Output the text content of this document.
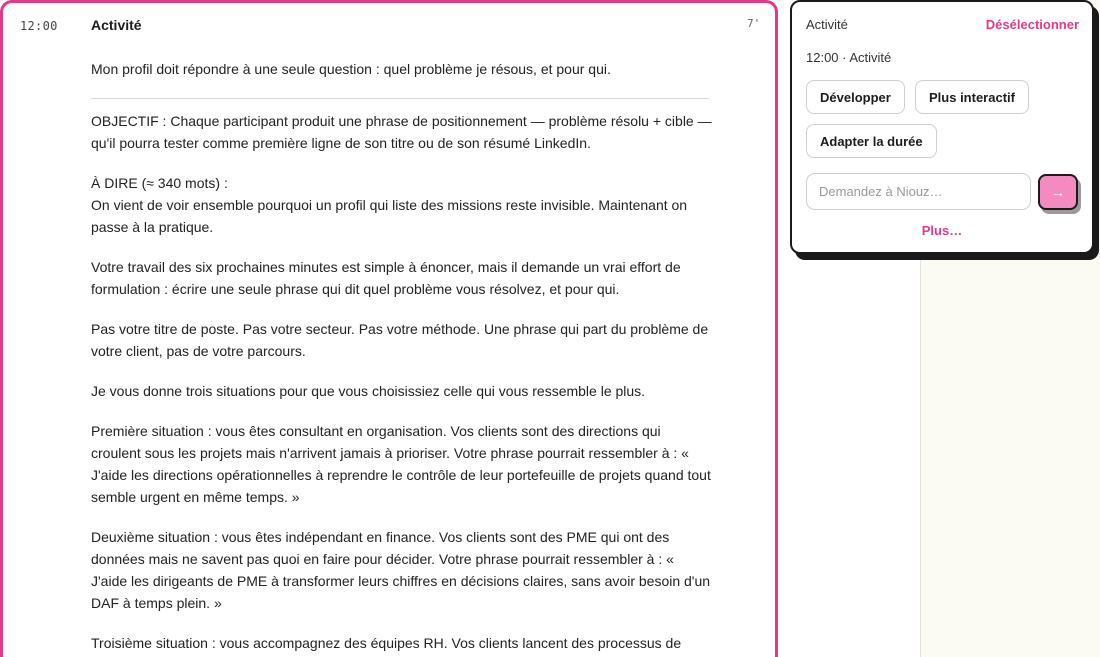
12:00 Activité	7'
Mon profil doit répondre à une seule question : quel problème je résous, et pour qui.

OBJECTIF : Chaque participant produit une phrase de positionnement — problème résolu + cible — qu'il pourra tester comme première ligne de son titre ou de son résumé LinkedIn.

À DIRE (≈ 340 mots) :
On vient de voir ensemble pourquoi un profil qui liste des missions reste invisible. Maintenant on passe à la pratique.

Votre travail des six prochaines minutes est simple à énoncer, mais il demande un vrai effort de formulation : écrire une seule phrase qui dit quel problème vous résolvez, et pour qui.

Pas votre titre de poste. Pas votre secteur. Pas votre méthode. Une phrase qui part du problème de votre client, pas de votre parcours.

Je vous donne trois situations pour que vous choisissiez celle qui vous ressemble le plus.

Première situation : vous êtes consultant en organisation. Vos clients sont des directions qui croulent sous les projets mais n'arrivent jamais à prioriser. Votre phrase pourrait ressembler à : « J'aide les directions opérationnelles à reprendre le contrôle de leur portefeuille de projets quand tout semble urgent en même temps. »

Deuxième situation : vous êtes indépendant en finance. Vos clients sont des PME qui ont des données mais ne savent pas quoi en faire pour décider. Votre phrase pourrait ressembler à : « J'aide les dirigeants de PME à transformer leurs chiffres en décisions claires, sans avoir besoin d'un DAF à temps plein. »

Troisième situation : vous accompagnez des équipes RH. Vos clients lancent des processus de

Activité	Désélectionner
12:00 · Activité
Développer	Plus interactif
Adapter la durée
Demandez à Niouz…	→
Plus…
